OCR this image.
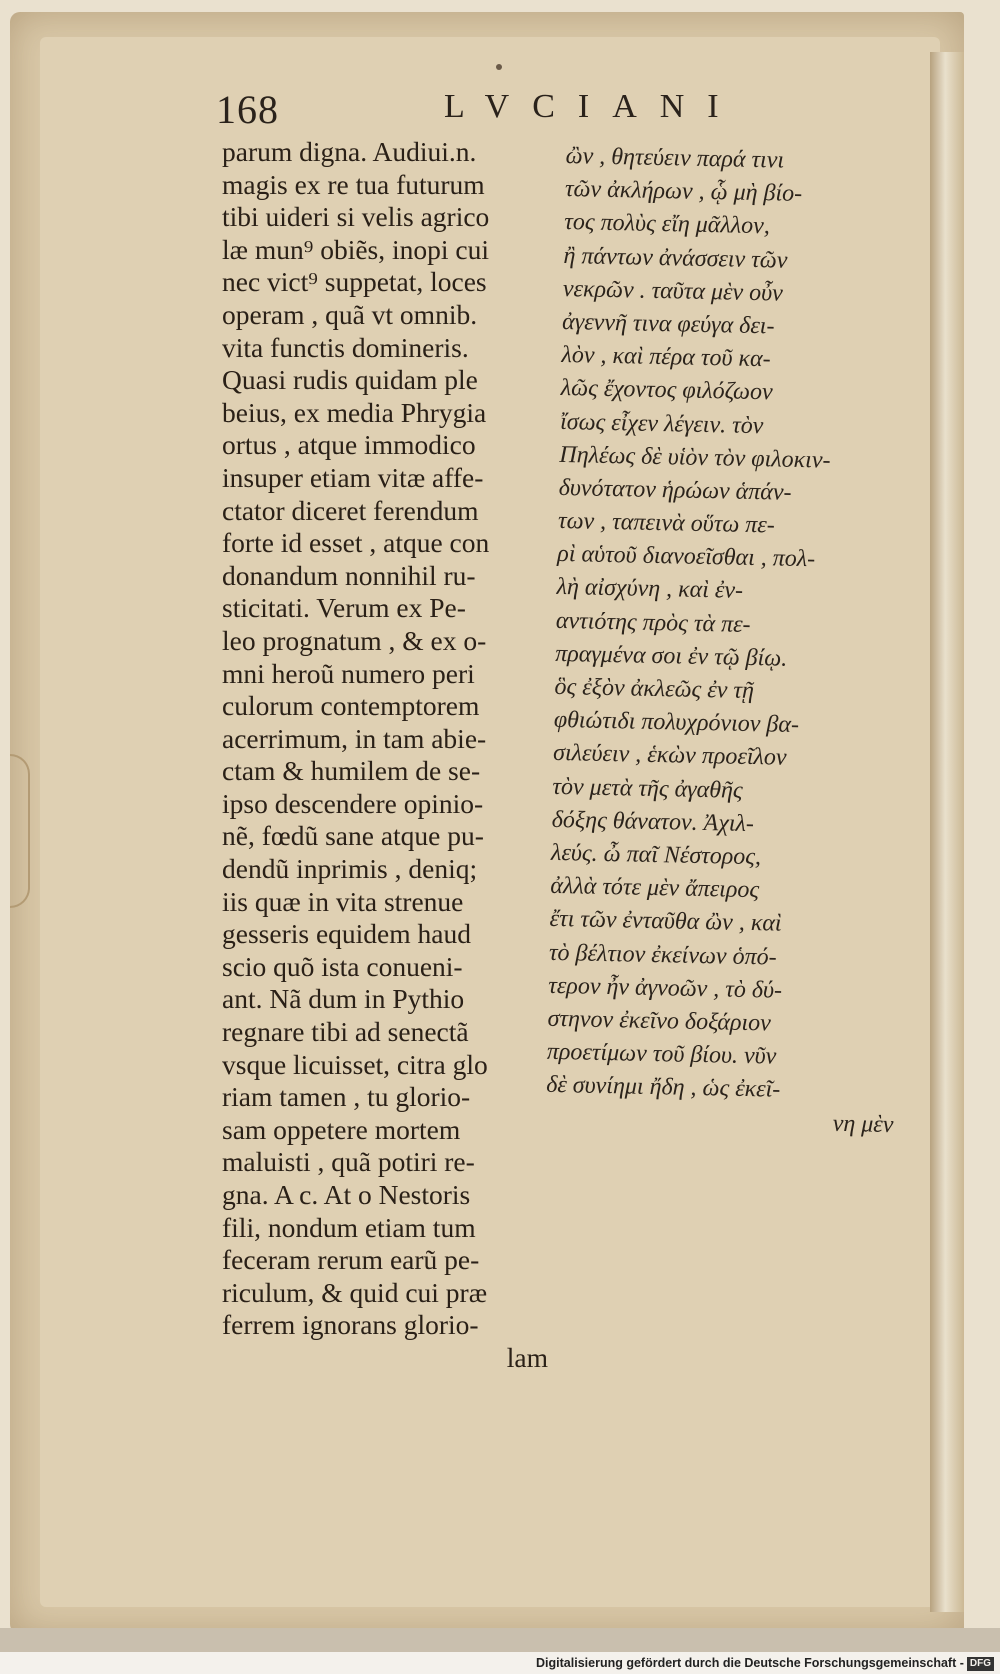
168	LVCIANI
parum digna. Audiui.n.
magis ex re tua futurum
tibi uideri si velis agrico
læ mun⁹ obiẽs, inopi cui
nec vict⁹ suppetat, loces
operam , quã vt omnib.
vita functis domineris.
Quasi rudis quidam ple
beius, ex media Phrygia
ortus , atque immodico
insuper etiam vitæ affe-
ctator diceret ferendum
forte id esset , atque con
donandum nonnihil ru-
sticitati. Verum ex Pe-
leo prognatum , & ex o-
mni heroũ numero peri
culorum contemptorem
acerrimum, in tam abie-
ctam & humilem de se-
ipso descendere opinio-
nẽ, fœdũ sane atque pu-
dendũ inprimis , deniq;
iis quæ in vita strenue
gesseris equidem haud
scio quõ ista conueni-
ant. Nã dum in Pythio
regnare tibi ad senectã
vsque licuisset, citra glo
riam tamen , tu glorio-
sam oppetere mortem
maluisti , quã potiri re-
gna. A c. At o Nestoris
fili, nondum etiam tum
feceram rerum earũ pe-
riculum, & quid cui præ
ferrem ignorans glorio-
lam
ὢν , θητεύειν παρά τινι
τῶν ἀκλήρων , ᾧ μὴ βίο-
τος πολὺς εἴη μᾶλλον,
ἢ πάντων ἀνάσσειν τῶν
νεκρῶν . ταῦτα μὲν οὖν
ἀγεννῆ τινα φεύγα δει-
λὸν , καὶ πέρα τοῦ κα-
λῶς ἔχοντος φιλόζωον
ἴσως εἶχεν λέγειν. τὸν
Πηλέως δὲ υἱὸν τὸν φιλοκιν-
δυνότατον ἡρώων ἁπάν-
των , ταπεινὰ οὕτω πε-
ρὶ αὑτοῦ διανοεῖσθαι , πολ-
λὴ αἰσχύνη , καὶ ἐν-
αντιότης πρὸς τὰ πε-
πραγμένα σοι ἐν τῷ βίῳ.
ὃς ἐξὸν ἀκλεῶς ἐν τῇ
φθιώτιδι πολυχρόνιον βα-
σιλεύειν , ἑκὼν προεῖλον
τὸν μετὰ τῆς ἀγαθῆς
δόξης θάνατον. Ἀχιλ-
λεύς. ὦ παῖ Νέστορος,
ἀλλὰ τότε μὲν ἄπειρος
ἔτι τῶν ἐνταῦθα ὢν , καὶ
τὸ βέλτιον ἐκείνων ὁπό-
τερον ἦν ἀγνοῶν , τὸ δύ-
στηνον ἐκεῖνο δοξάριον
προετίμων τοῦ βίου. νῦν
δὲ συνίημι ἤδη , ὡς ἐκεῖ-
νη μὲν
Digitalisierung gefördert durch die Deutsche Forschungsgemeinschaft - DFG
